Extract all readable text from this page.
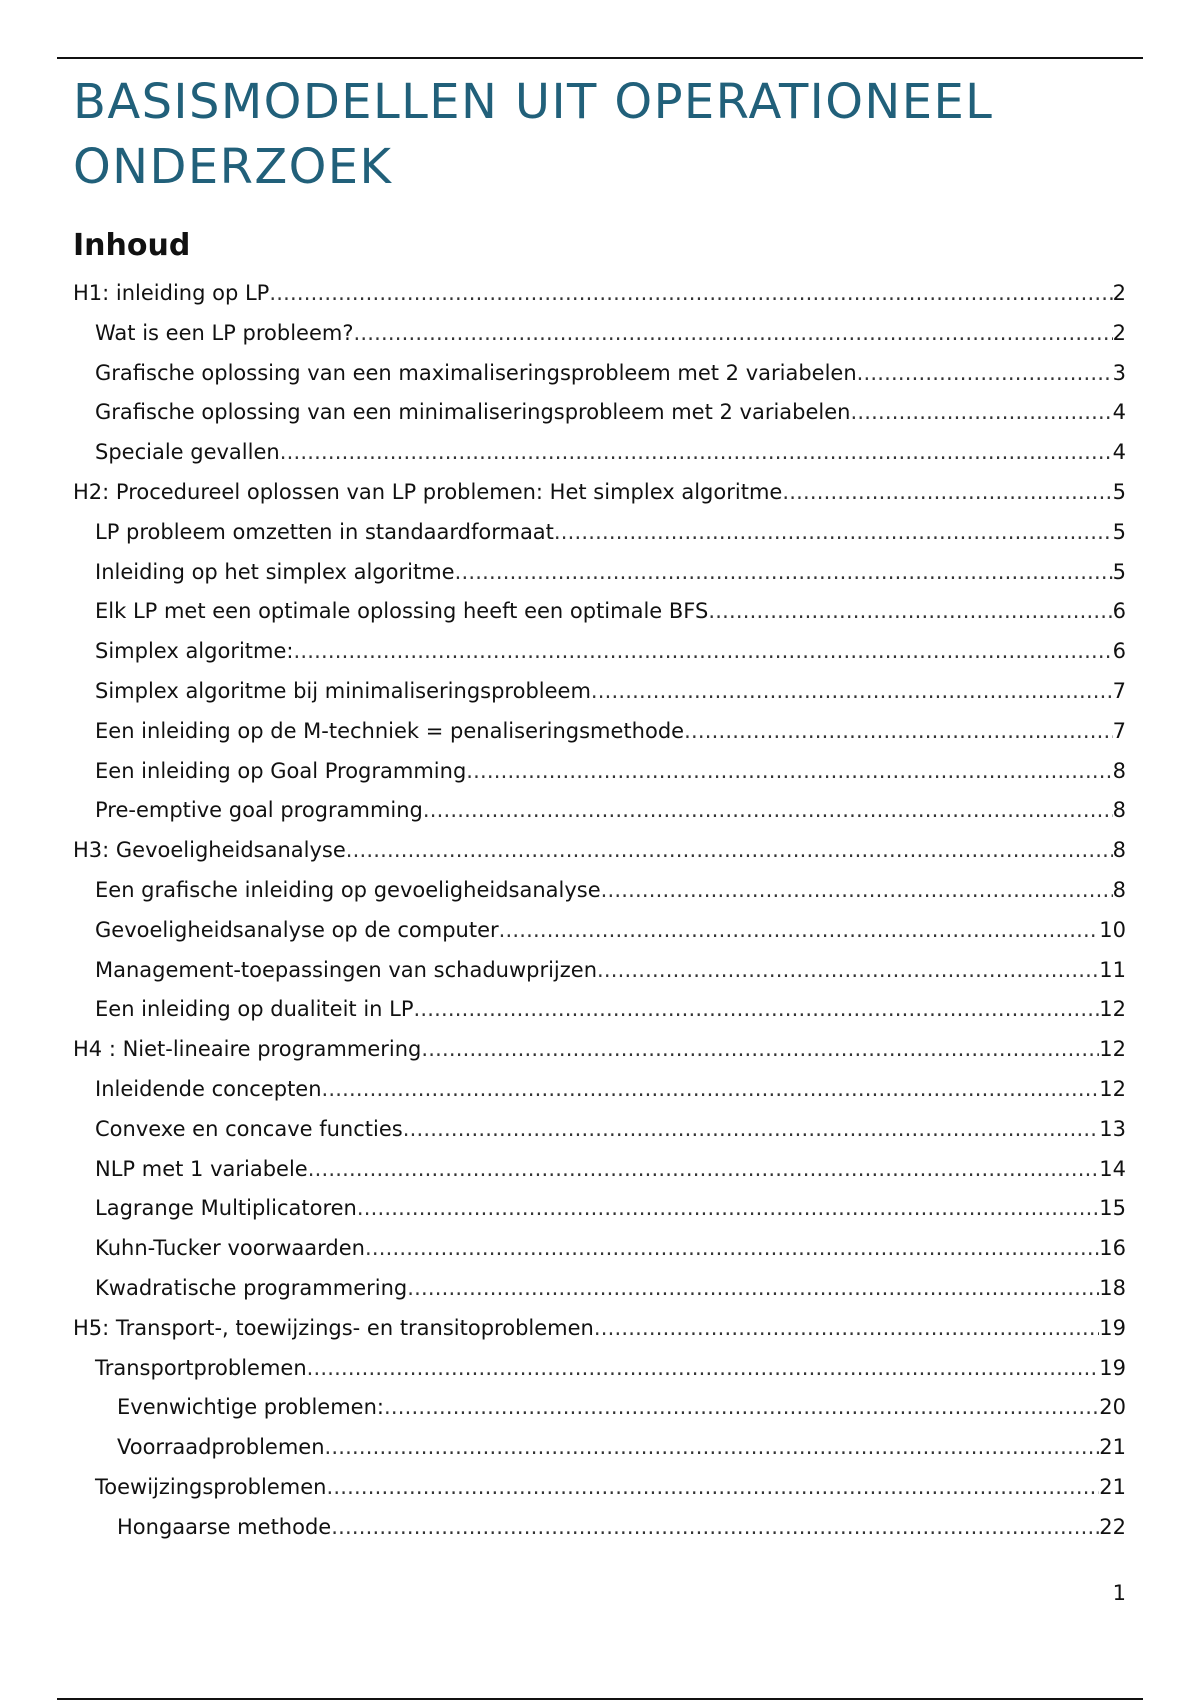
BASISMODELLEN UIT OPERATIONEEL ONDERZOEK
Inhoud
H1: inleiding op LP .....	2
Wat is een LP probleem? .....	2
Grafische oplossing van een maximaliseringsprobleem met 2 variabelen .....	3
Grafische oplossing van een minimaliseringsprobleem met 2 variabelen .....	4
Speciale gevallen .....	4
H2: Procedureel oplossen van LP problemen: Het simplex algoritme .....	5
LP probleem omzetten in standaardformaat .....	5
Inleiding op het simplex algoritme .....	5
Elk LP met een optimale oplossing heeft een optimale BFS .....	6
Simplex algoritme: .....	6
Simplex algoritme bij minimaliseringsprobleem .....	7
Een inleiding op de M-techniek = penaliseringsmethode .....	7
Een inleiding op Goal Programming .....	8
Pre-emptive goal programming .....	8
H3: Gevoeligheidsanalyse .....	8
Een grafische inleiding op gevoeligheidsanalyse .....	8
Gevoeligheidsanalyse op de computer .....	10
Management-toepassingen van schaduwprijzen .....	11
Een inleiding op dualiteit in LP .....	12
H4 : Niet-lineaire programmering .....	12
Inleidende concepten .....	12
Convexe en concave functies .....	13
NLP met 1 variabele .....	14
Lagrange Multiplicatoren .....	15
Kuhn-Tucker voorwaarden .....	16
Kwadratische programmering .....	18
H5: Transport-, toewijzings- en transitoproblemen .....	19
Transportproblemen .....	19
Evenwichtige problemen: .....	20
Voorraadproblemen .....	21
Toewijzingsproblemen .....	21
Hongaarse methode .....	22
1
